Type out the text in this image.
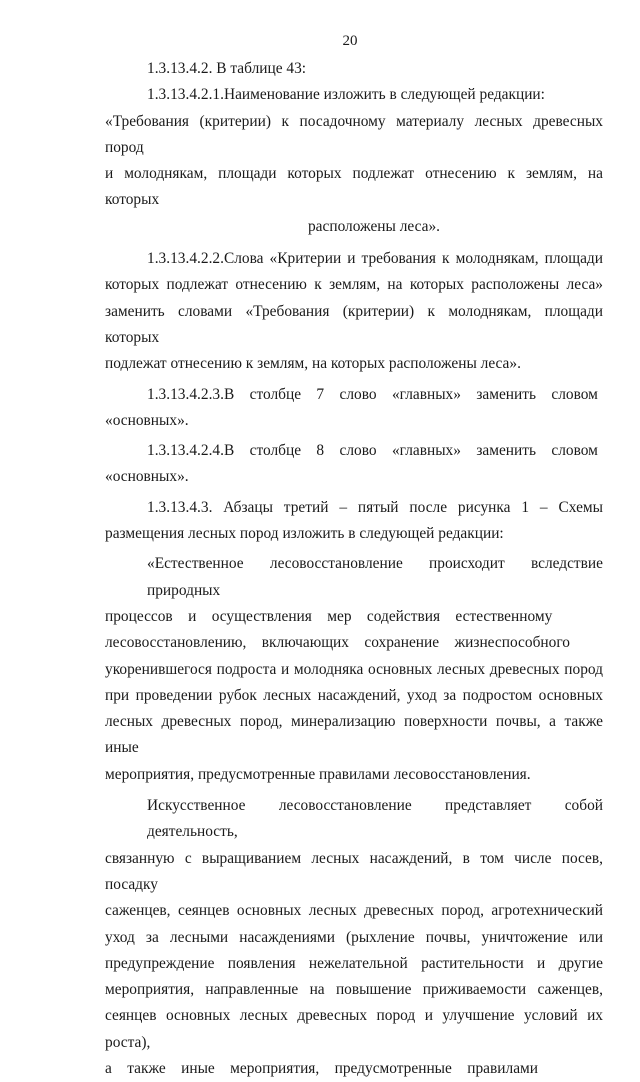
20

1.3.13.4.2. В таблице 43:

1.3.13.4.2.1.Наименование изложить в следующей редакции:

«Требования (критерии) к посадочному материалу лесных древесных пород
и молоднякам, площади которых подлежат отнесению к землям, на которых
расположены леса».

1.3.13.4.2.2.Слова «Критерии и требования к молоднякам, площади
которых подлежат отнесению к землям, на которых расположены леса»
заменить словами «Требования (критерии) к молоднякам, площади которых
подлежат отнесению к землям, на которых расположены леса».

1.3.13.4.2.3.В    столбце    7    слово    «главных»    заменить    словом
«основных».

1.3.13.4.2.4.В    столбце    8    слово    «главных»    заменить    словом
«основных».

1.3.13.4.3. Абзацы третий – пятый после рисунка 1 – Схемы
размещения лесных пород изложить в следующей редакции:

«Естественное лесовосстановление происходит вследствие природных
процессов    и    осуществления    мер    содействия    естественному
лесовосстановлению,    включающих    сохранение    жизнеспособного
укоренившегося подроста и молодняка основных лесных древесных пород
при проведении рубок лесных насаждений, уход за подростом основных
лесных древесных пород, минерализацию поверхности почвы, а также иные
мероприятия, предусмотренные правилами лесовосстановления.

Искусственное лесовосстановление представляет собой деятельность,
связанную с выращиванием лесных насаждений, в том числе посев, посадку
саженцев, сеянцев основных лесных древесных пород, агротехнический
уход за лесными насаждениями (рыхление почвы, уничтожение или
предупреждение появления нежелательной растительности и другие
мероприятия, направленные на повышение приживаемости саженцев,
сеянцев основных лесных древесных пород и улучшение условий их роста),
а    также    иные    мероприятия,    предусмотренные    правилами
